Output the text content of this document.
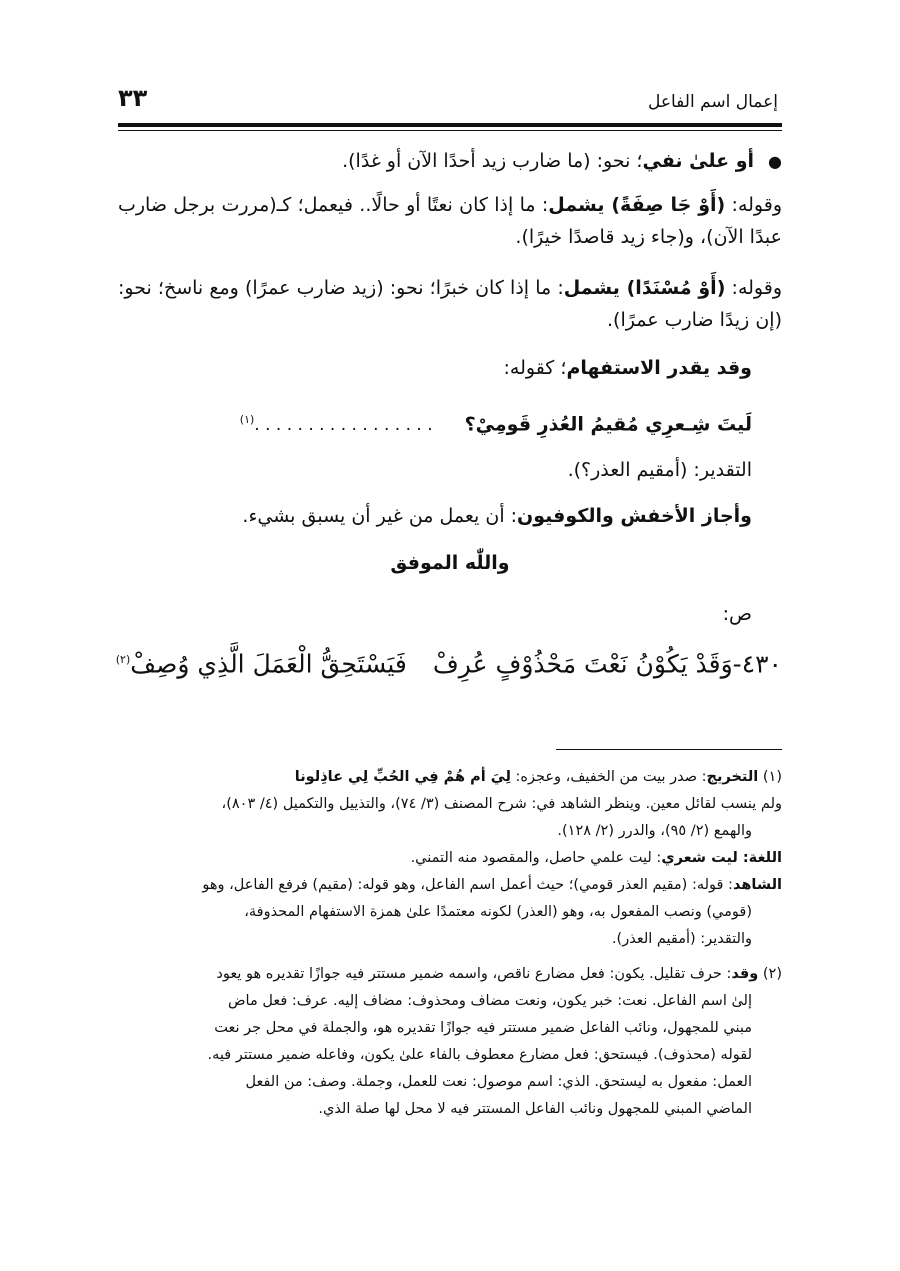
إعمال اسم الفاعل
٣٣
●أو علىٰ نفي؛ نحو: (ما ضارب زيد أحدًا الآن أو غدًا).
وقوله: (أَوْ جَا صِفَةً) يشمل: ما إذا كان نعتًا أو حالًا.. فيعمل؛ كـ(مررت برجل ضارب عبدًا الآن)، و(جاء زيد قاصدًا خيرًا).
وقوله: (أَوْ مُسْنَدًا) يشمل: ما إذا كان خبرًا؛ نحو: (زيد ضارب عمرًا) ومع ناسخ؛ نحو: (إن زيدًا ضارب عمرًا).
وقد يقدر الاستفهام؛ كقوله:
لَيتَ شِـعرِي مُقيمُ العُذرِ قَومِيْ؟ . . . . . . . . . . . . . . . . .$^{(١)}$
التقدير: (أمقيم العذر؟).
وأجاز الأخفش والكوفيون: أن يعمل من غير أن يسبق بشيء.
واللّٰه الموفق
ص:
٤٣٠-وَقَدْ يَكُوْنُ نَعْتَ مَحْذُوْفٍ عُرِفْفَيَسْتَحِقُّ الْعَمَلَ الَّذِي وُصِفْ$^{(٢)}$
(١) التخريج: صدر بيت من الخفيف، وعجزه: لِيَ أم هُمْ فِي الحُبِّ لِي عاذِلونا
ولم ينسب لقائل معين. وينظر الشاهد في: شرح المصنف (٣/ ٧٤)، والتذييل والتكميل (٤/ ٨٠٣)،
والهمع (٢/ ٩٥)، والدرر (٢/ ١٢٨).
اللغة: ليت شعري: ليت علمي حاصل، والمقصود منه التمني.
الشاهد: قوله: (مقيم العذر قومي)؛ حيث أعمل اسم الفاعل، وهو قوله: (مقيم) فرفع الفاعل، وهو
(قومي) ونصب المفعول به، وهو (العذر) لكونه معتمدًا علىٰ همزة الاستفهام المحذوفة،
والتقدير: (أمقيم العذر).
(٢) وقد: حرف تقليل. يكون: فعل مضارع ناقص، واسمه ضمير مستتر فيه جوازًا تقديره هو يعود
إلىٰ اسم الفاعل. نعت: خبر يكون، ونعت مضاف ومحذوف: مضاف إليه. عرف: فعل ماض
مبني للمجهول، ونائب الفاعل ضمير مستتر فيه جوازًا تقديره هو، والجملة في محل جر نعت
لقوله (محذوف). فيستحق: فعل مضارع معطوف بالفاء علىٰ يكون، وفاعله ضمير مستتر فيه.
العمل: مفعول به ليستحق. الذي: اسم موصول: نعت للعمل، وجملة. وصف: من الفعل
الماضي المبني للمجهول ونائب الفاعل المستتر فيه لا محل لها صلة الذي.
